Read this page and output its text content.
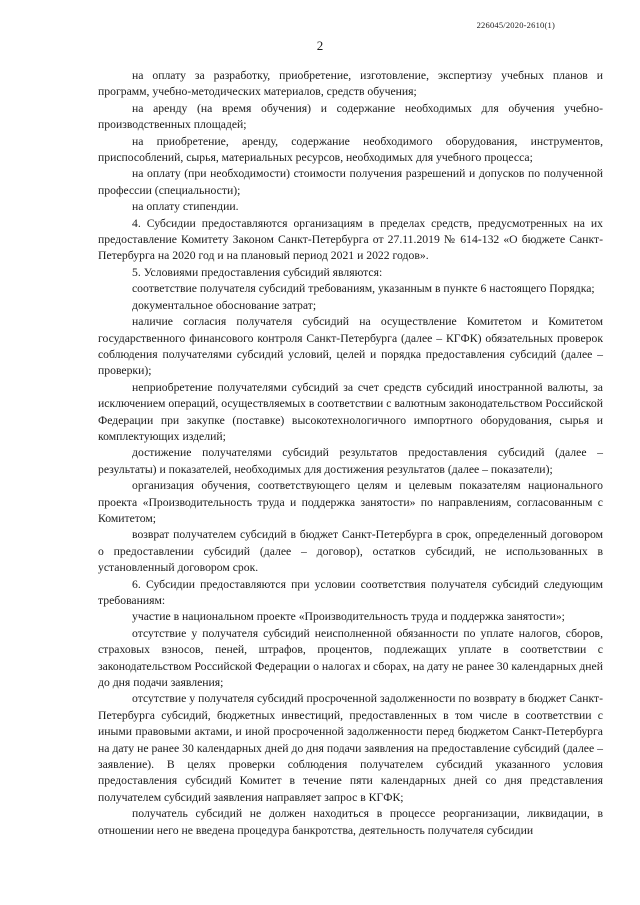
226045/2020-2610(1)
2

на оплату за разработку, приобретение, изготовление, экспертизу учебных планов и программ, учебно-методических материалов, средств обучения;

на аренду (на время обучения) и содержание необходимых для обучения учебно-производственных площадей;

на приобретение, аренду, содержание необходимого оборудования, инструментов, приспособлений, сырья, материальных ресурсов, необходимых для учебного процесса;

на оплату (при необходимости) стоимости получения разрешений и допусков по полученной профессии (специальности);

на оплату стипендии.

4. Субсидии предоставляются организациям в пределах средств, предусмотренных на их предоставление Комитету Законом Санкт-Петербурга от 27.11.2019 № 614-132 «О бюджете Санкт-Петербурга на 2020 год и на плановый период 2021 и 2022 годов».

5. Условиями предоставления субсидий являются:

соответствие получателя субсидий требованиям, указанным в пункте 6 настоящего Порядка;

документальное обоснование затрат;

наличие согласия получателя субсидий на осуществление Комитетом и Комитетом государственного финансового контроля Санкт-Петербурга (далее – КГФК) обязательных проверок соблюдения получателями субсидий условий, целей и порядка предоставления субсидий (далее – проверки);

неприобретение получателями субсидий за счет средств субсидий иностранной валюты, за исключением операций, осуществляемых в соответствии с валютным законодательством Российской Федерации при закупке (поставке) высокотехнологичного импортного оборудования, сырья и комплектующих изделий;

достижение получателями субсидий результатов предоставления субсидий (далее – результаты) и показателей, необходимых для достижения результатов (далее – показатели);

организация обучения, соответствующего целям и целевым показателям национального проекта «Производительность труда и поддержка занятости» по направлениям, согласованным с Комитетом;

возврат получателем субсидий в бюджет Санкт-Петербурга в срок, определенный договором о предоставлении субсидий (далее – договор), остатков субсидий, не использованных в установленный договором срок.

6. Субсидии предоставляются при условии соответствия получателя субсидий следующим требованиям:

участие в национальном проекте «Производительность труда и поддержка занятости»;

отсутствие у получателя субсидий неисполненной обязанности по уплате налогов, сборов, страховых взносов, пеней, штрафов, процентов, подлежащих уплате в соответствии с законодательством Российской Федерации о налогах и сборах, на дату не ранее 30 календарных дней до дня подачи заявления;

отсутствие у получателя субсидий просроченной задолженности по возврату в бюджет Санкт-Петербурга субсидий, бюджетных инвестиций, предоставленных в том числе в соответствии с иными правовыми актами, и иной просроченной задолженности перед бюджетом Санкт-Петербурга на дату не ранее 30 календарных дней до дня подачи заявления на предоставление субсидий (далее – заявление). В целях проверки соблюдения получателем субсидий указанного условия предоставления субсидий Комитет в течение пяти календарных дней со дня представления получателем субсидий заявления направляет запрос в КГФК;

получатель субсидий не должен находиться в процессе реорганизации, ликвидации, в отношении него не введена процедура банкротства, деятельность получателя субсидии
